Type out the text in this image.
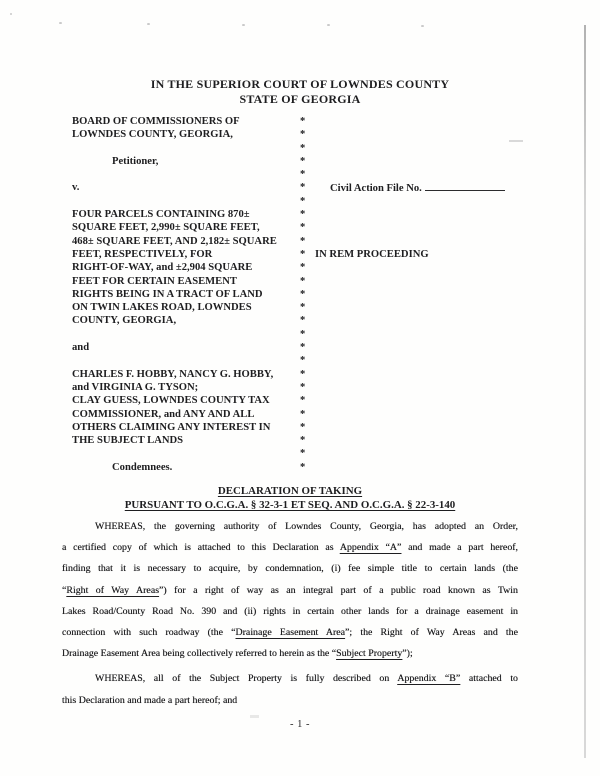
IN THE SUPERIOR COURT OF LOWNDES COUNTY
STATE OF GEORGIA
BOARD OF COMMISSIONERS OF	*
LOWNDES COUNTY, GEORGIA,	*
*
Petitioner,	*
*
v.	* Civil Action File No.
*
FOUR PARCELS CONTAINING 870±	*
SQUARE FEET, 2,990± SQUARE FEET,	*
468± SQUARE FEET, AND 2,182± SQUARE *
FEET, RESPECTIVELY, FOR	* IN REM PROCEEDING
RIGHT-OF-WAY, and ±2,904 SQUARE	*
FEET FOR CERTAIN EASEMENT	*
RIGHTS BEING IN A TRACT OF LAND	*
ON TWIN LAKES ROAD, LOWNDES	*
COUNTY, GEORGIA,	*
*
and	*
*
CHARLES F. HOBBY, NANCY G. HOBBY,	*
and VIRGINIA G. TYSON;	*
CLAY GUESS, LOWNDES COUNTY TAX	*
COMMISSIONER, and ANY AND ALL	*
OTHERS CLAIMING ANY INTEREST IN	*
THE SUBJECT LANDS	*
*
Condemnees.	*
DECLARATION OF TAKING
PURSUANT TO O.C.G.A. § 32-3-1 ET SEQ. AND O.C.G.A. § 22-3-140
WHEREAS, the governing authority of Lowndes County, Georgia, has adopted an Order,
a certified copy of which is attached to this Declaration as Appendix “A” and made a part hereof,
finding that it is necessary to acquire, by condemnation, (i) fee simple title to certain lands (the
“Right of Way Areas”) for a right of way as an integral part of a public road known as Twin
Lakes Road/County Road No. 390 and (ii) rights in certain other lands for a drainage easement in
connection with such roadway (the “Drainage Easement Area”; the Right of Way Areas and the
Drainage Easement Area being collectively referred to herein as the “Subject Property”);
WHEREAS, all of the Subject Property is fully described on Appendix “B” attached to
this Declaration and made a part hereof; and
- 1 -
